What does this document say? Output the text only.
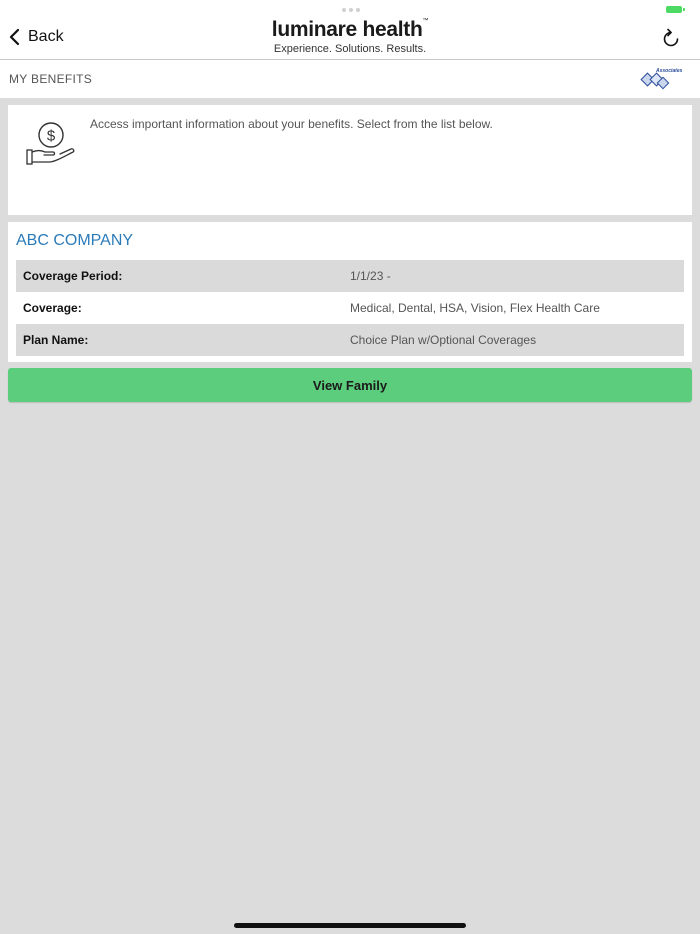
Back	luminare health™
Experience. Solutions. Results.
MY BENEFITS
Associates
$
Access important information about your benefits. Select from the list below.
ABC COMPANY
Coverage Period:	1/1/23 -
Coverage:	Medical, Dental, HSA, Vision, Flex Health Care
Plan Name:	Choice Plan w/Optional Coverages
View Family
